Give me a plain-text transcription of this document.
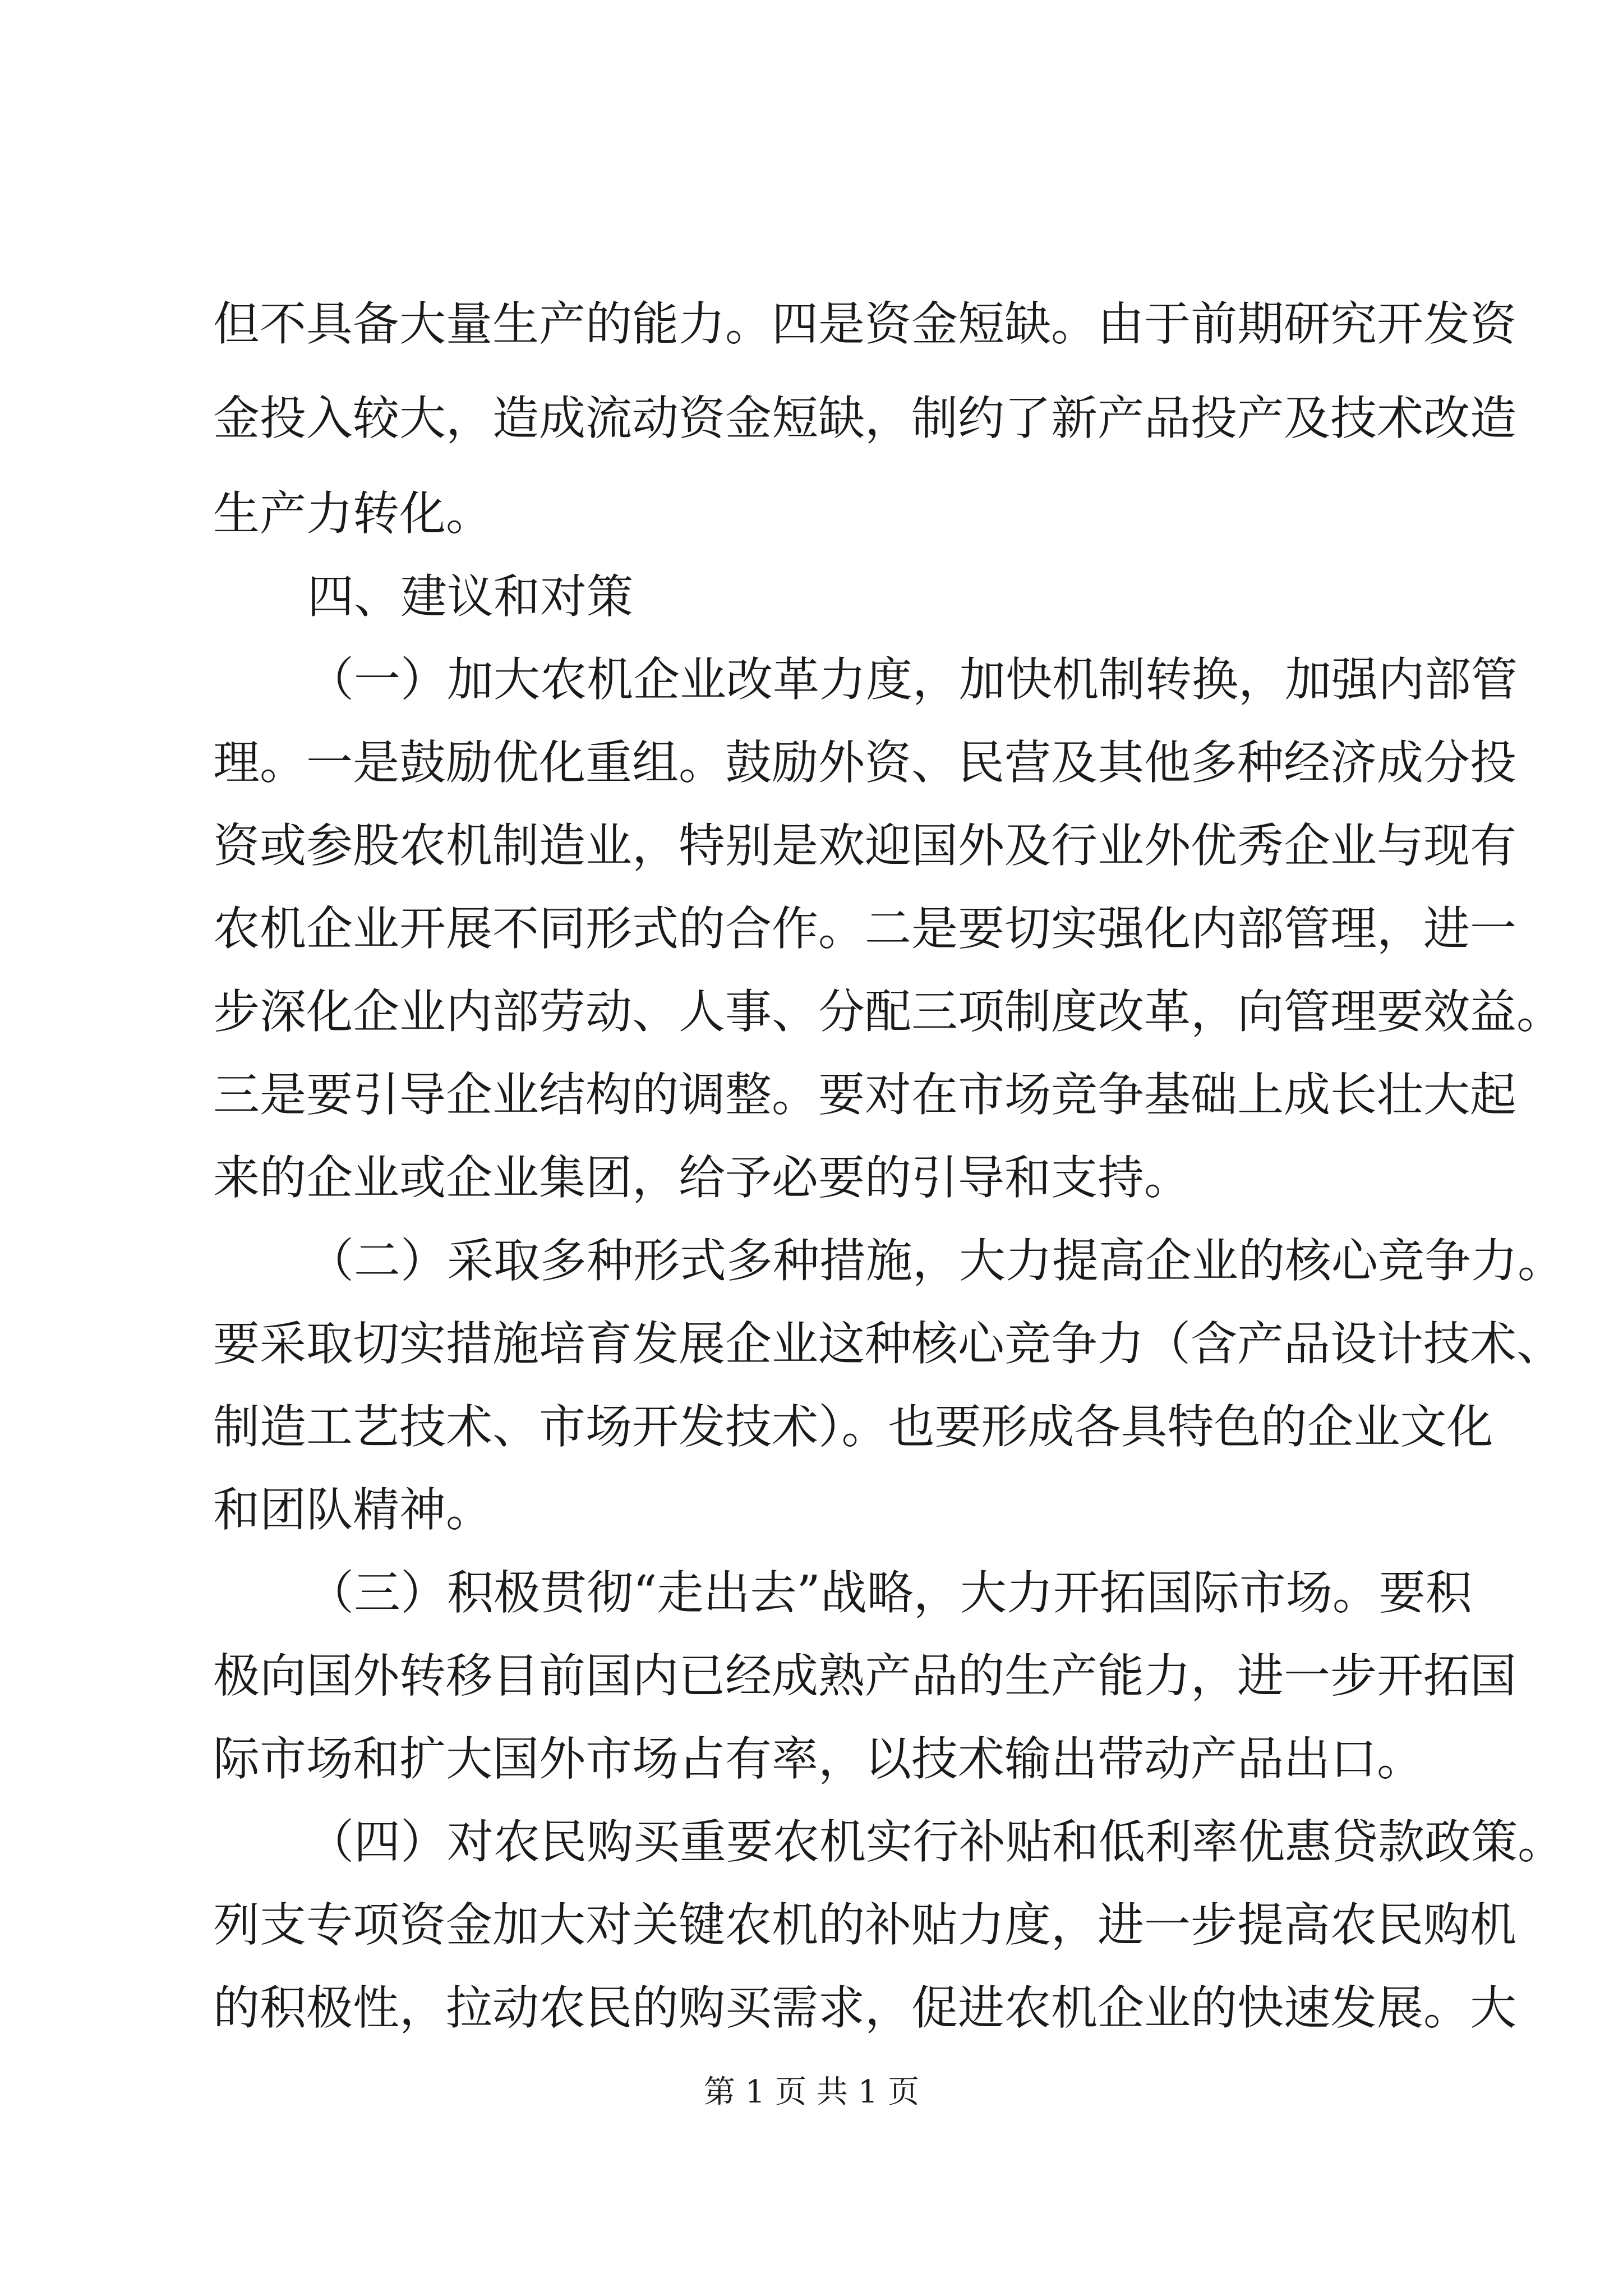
但不具备大量生产的能力。四是资金短缺。由于前期研究开发资
金投入较大，造成流动资金短缺，制约了新产品投产及技术改造
生产力转化。
四、建议和对策
（一）加大农机企业改革力度，加快机制转换，加强内部管
理。一是鼓励优化重组。鼓励外资、民营及其他多种经济成分投
资或参股农机制造业，特别是欢迎国外及行业外优秀企业与现有
农机企业开展不同形式的合作。二是要切实强化内部管理，进一
步深化企业内部劳动、人事、分配三项制度改革，向管理要效益。
三是要引导企业结构的调整。要对在市场竞争基础上成长壮大起
来的企业或企业集团，给予必要的引导和支持。
（二）采取多种形式多种措施，大力提高企业的核心竞争力。
要采取切实措施培育发展企业这种核心竞争力（含产品设计技术、
制造工艺技术、市场开发技术）。也要形成各具特色的企业文化
和团队精神。
（三）积极贯彻“走出去”战略，大力开拓国际市场。要积
极向国外转移目前国内已经成熟产品的生产能力，进一步开拓国
际市场和扩大国外市场占有率，以技术输出带动产品出口。
（四）对农民购买重要农机实行补贴和低利率优惠贷款政策。
列支专项资金加大对关键农机的补贴力度，进一步提高农民购机
的积极性，拉动农民的购买需求，促进农机企业的快速发展。大
第 1 页 共 1 页
